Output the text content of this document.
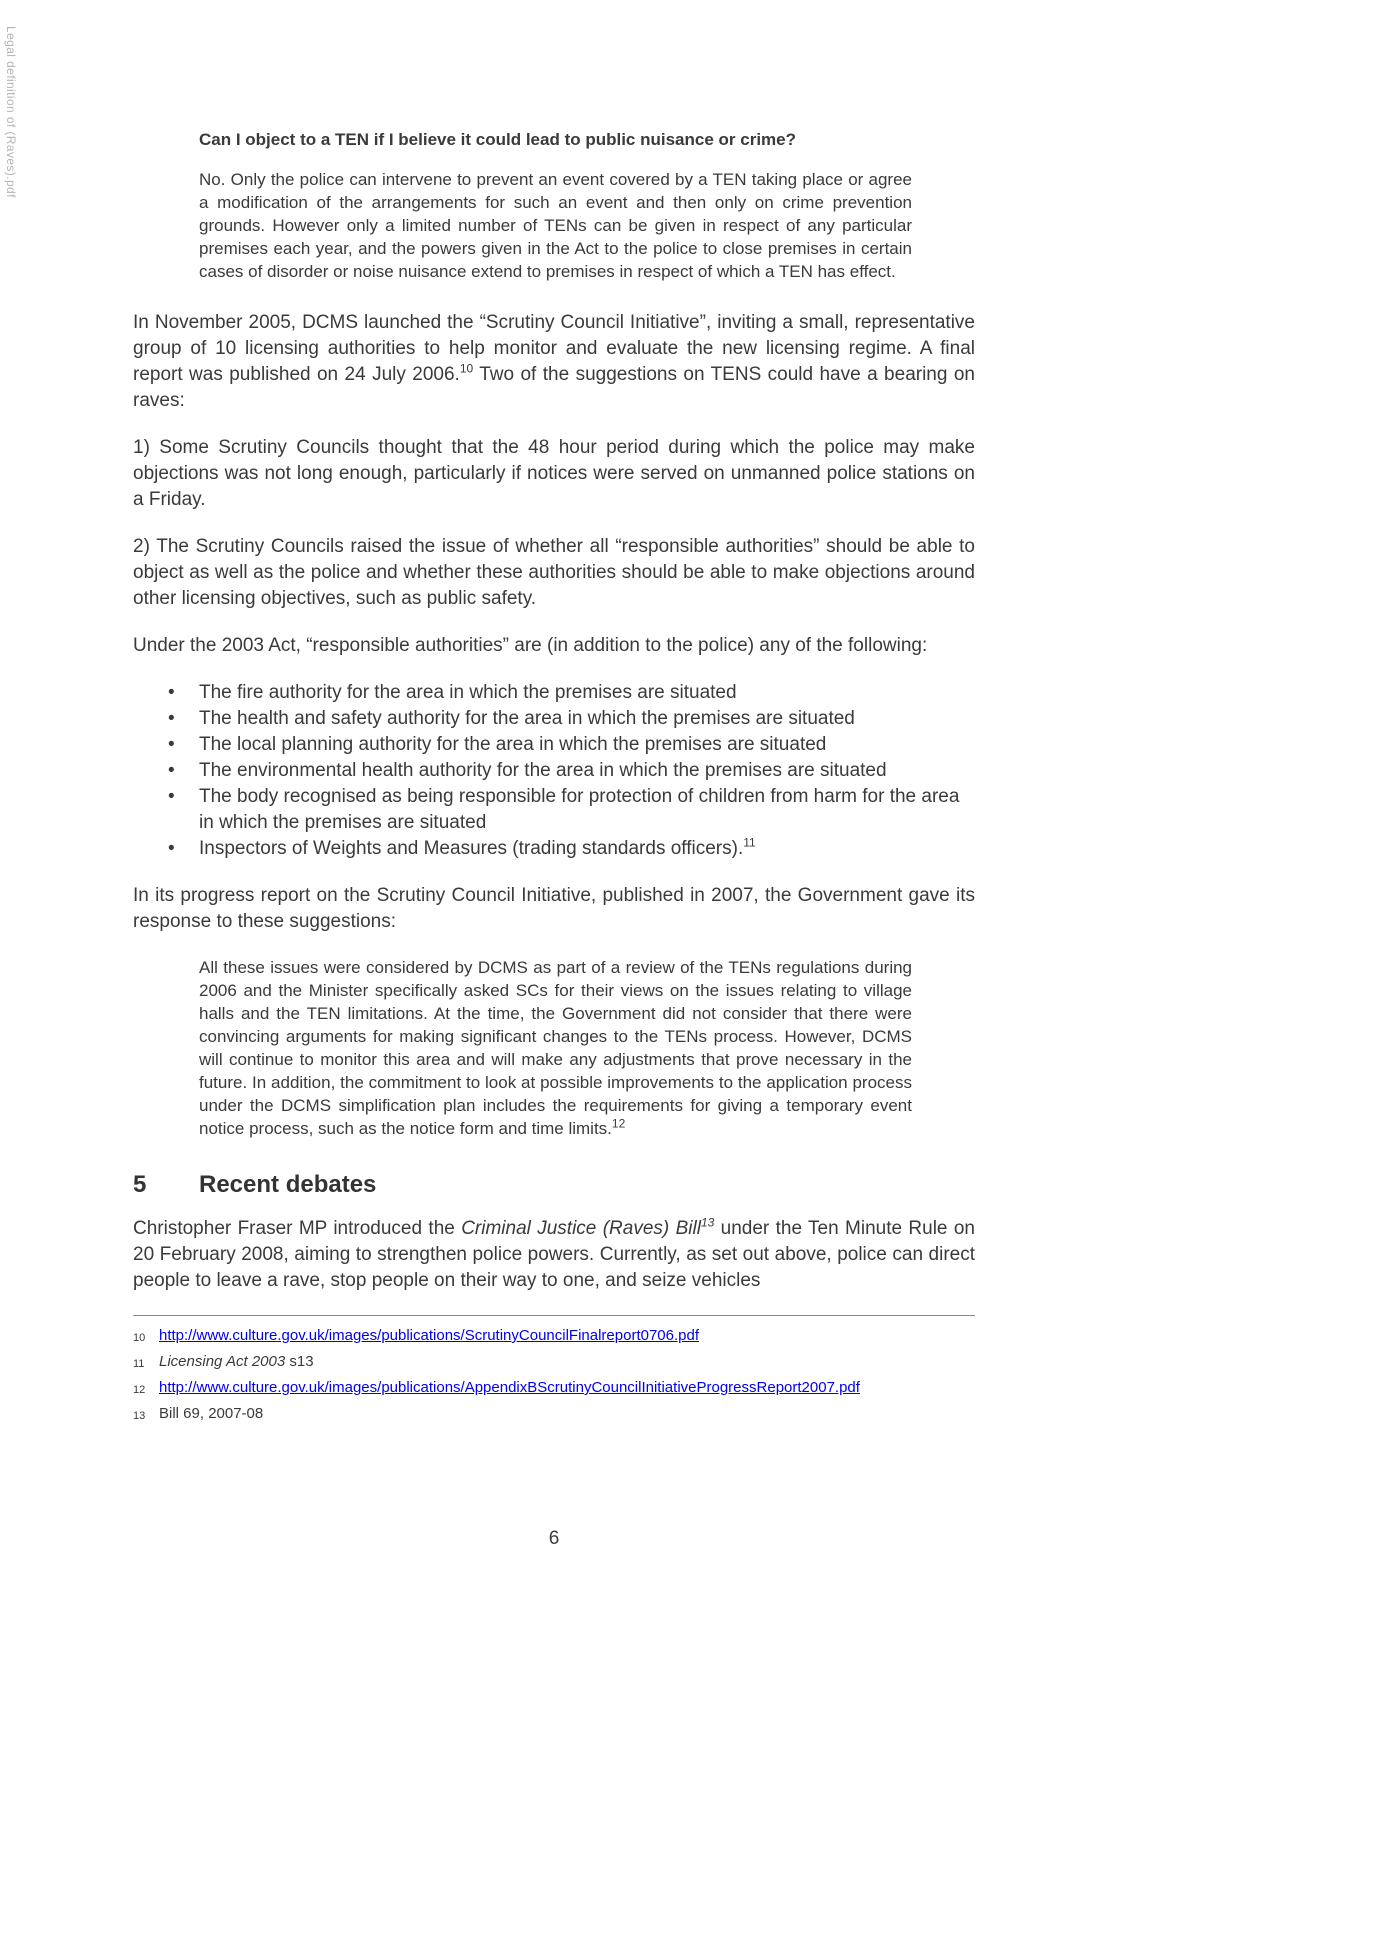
Legal definition of (Raves).pdf	Can I object to a TEN if I believe it could lead to public nuisance or crime?

No. Only the police can intervene to prevent an event covered by a TEN taking place or agree a modification of the arrangements for such an event and then only on crime prevention grounds. However only a limited number of TENs can be given in respect of any particular premises each year, and the powers given in the Act to the police to close premises in certain cases of disorder or noise nuisance extend to premises in respect of which a TEN has effect.

In November 2005, DCMS launched the “Scrutiny Council Initiative”, inviting a small, representative group of 10 licensing authorities to help monitor and evaluate the new licensing regime. A final report was published on 24 July 2006.10 Two of the suggestions on TENS could have a bearing on raves:

1) Some Scrutiny Councils thought that the 48 hour period during which the police may make objections was not long enough, particularly if notices were served on unmanned police stations on a Friday.

2) The Scrutiny Councils raised the issue of whether all “responsible authorities” should be able to object as well as the police and whether these authorities should be able to make objections around other licensing objectives, such as public safety.

Under the 2003 Act, “responsible authorities” are (in addition to the police) any of the following:

• The fire authority for the area in which the premises are situated
• The health and safety authority for the area in which the premises are situated
• The local planning authority for the area in which the premises are situated
• The environmental health authority for the area in which the premises are situated
• The body recognised as being responsible for protection of children from harm for the area in which the premises are situated
• Inspectors of Weights and Measures (trading standards officers).$^{11}$

In its progress report on the Scrutiny Council Initiative, published in 2007, the Government gave its response to these suggestions:

All these issues were considered by DCMS as part of a review of the TENs regulations during 2006 and the Minister specifically asked SCs for their views on the issues relating to village halls and the TEN limitations. At the time, the Government did not consider that there were convincing arguments for making significant changes to the TENs process. However, DCMS will continue to monitor this area and will make any adjustments that prove necessary in the future. In addition, the commitment to look at possible improvements to the application process under the DCMS simplification plan includes the requirements for giving a temporary event notice process, such as the notice form and time limits.$^{12}$

5 Recent debates

Christopher Fraser MP introduced the Criminal Justice (Raves) Bill$^{13}$ under the Ten Minute Rule on 20 February 2008, aiming to strengthen police powers. Currently, as set out above, police can direct people to leave a rave, stop people on their way to one, and seize vehicles

10 http://www.culture.gov.uk/images/publications/ScrutinyCouncilFinalreport0706.pdf
11 Licensing Act 2003 s13
12 http://www.culture.gov.uk/images/publications/AppendixBScrutinyCouncilInitiativeProgressReport2007.pdf
13 Bill 69, 2007-08
6
